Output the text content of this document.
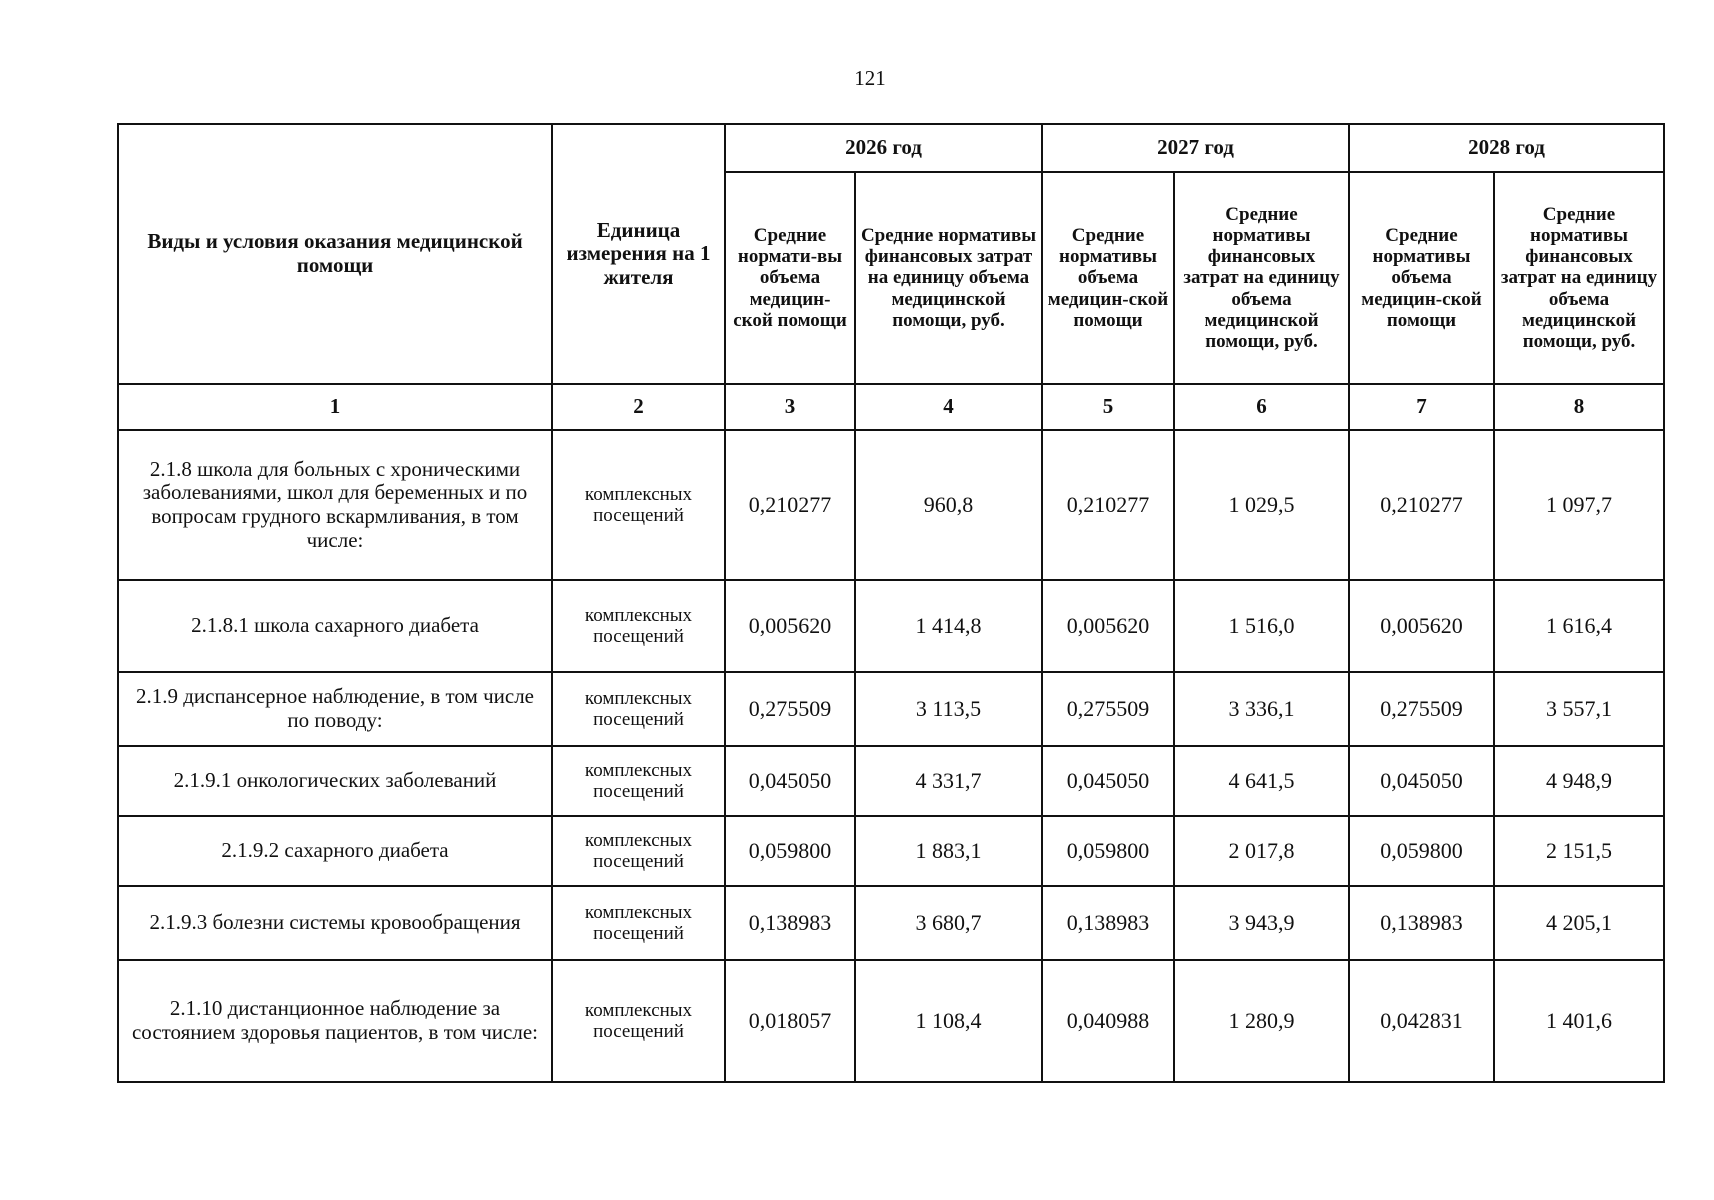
121
Виды и условия оказания медицинской помощи	Единица измерения на 1 жителя	2026 год		2027 год		2028 год	
		Средние нормати-вы объема медицин-ской помощи	Средние нормативы финансовых затрат на единицу объема медицинской помощи, руб.	Средние нормативы объема медицин-ской помощи	Средние нормативы финансовых затрат на единицу объема медицинской помощи, руб.	Средние нормативы объема медицин-ской помощи	Средние нормативы финансовых затрат на единицу объема медицинской помощи, руб.
1	2	3	4	5	6	7	8
2.1.8 школа для больных с хроническими заболеваниями, школ для беременных и по вопросам грудного вскармливания, в том числе:	комплексных посещений	0,210277	960,8	0,210277	1 029,5	0,210277	1 097,7
2.1.8.1 школа сахарного диабета	комплексных посещений	0,005620	1 414,8	0,005620	1 516,0	0,005620	1 616,4
2.1.9 диспансерное наблюдение, в том числе по поводу:	комплексных посещений	0,275509	3 113,5	0,275509	3 336,1	0,275509	3 557,1
2.1.9.1 онкологических заболеваний	комплексных посещений	0,045050	4 331,7	0,045050	4 641,5	0,045050	4 948,9
2.1.9.2 сахарного диабета	комплексных посещений	0,059800	1 883,1	0,059800	2 017,8	0,059800	2 151,5
2.1.9.3 болезни системы кровообращения	комплексных посещений	0,138983	3 680,7	0,138983	3 943,9	0,138983	4 205,1
2.1.10 дистанционное наблюдение за состоянием здоровья пациентов, в том числе:	комплексных посещений	0,018057	1 108,4	0,040988	1 280,9	0,042831	1 401,6
